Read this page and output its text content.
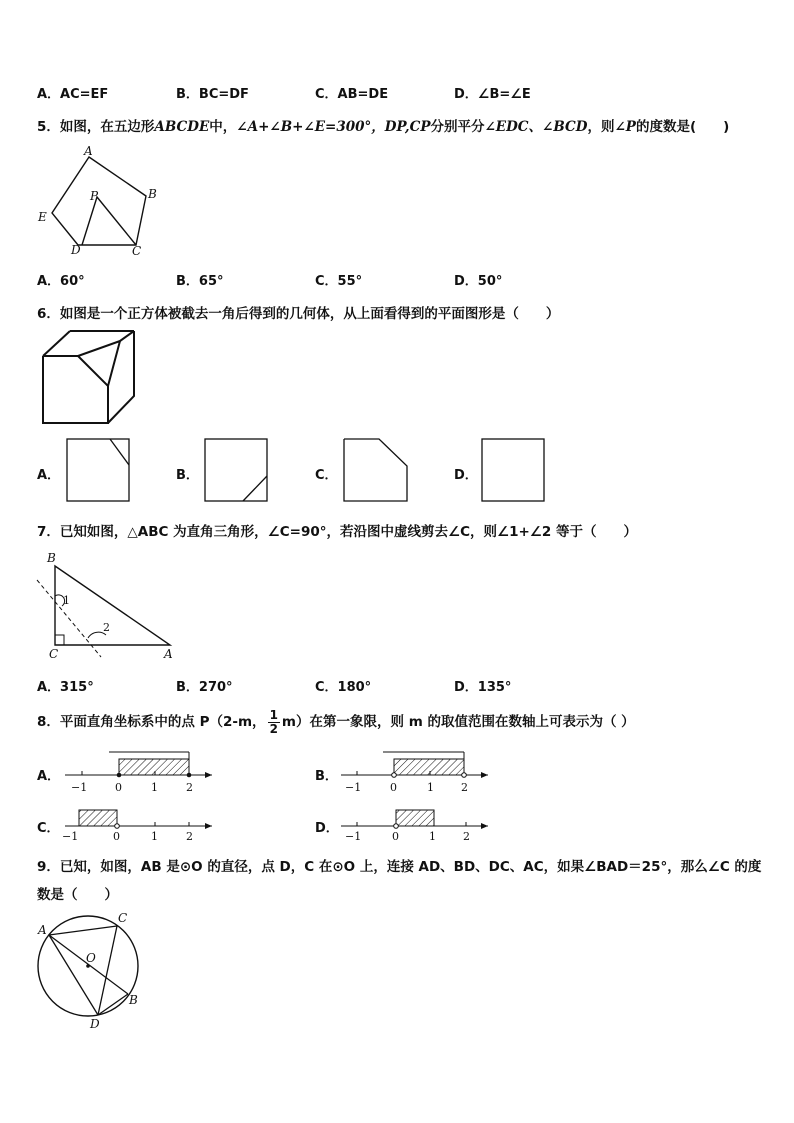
A．AC=EF	B．BC=DF	C．AB=DE	D．∠B=∠E
5．如图，在五边形ABCDE中，∠A+∠B+∠E=300°，DP,CP分别平分∠EDC、∠BCD，则∠P的度数是(　　)
A
B
C
D
E
P
A．60°	B．65°	C．55°	D．50°
6．如图是一个正方体被截去一角后得到的几何体，从上面看得到的平面图形是（　　）
A．	B．	C．	D．
7．已知如图，△ABC 为直角三角形，∠C=90°，若沿图中虚线剪去∠C，则∠1+∠2 等于（　　）
B
C	A
1
2
A．315°	B．270°	C．180°	D．135°
8．平面直角坐标系中的点 P（2-m， $\frac{1}{2} m$）在第一象限，则 m 的取值范围在数轴上可表示为（ ）
A．	B．
C．	D．
−1	0	1	2	−1	0	1 2
−1	0	1	2	−1	0	1 2
9．已知，如图，AB 是⊙O 的直径，点 D，C 在⊙O 上，连接 AD、BD、DC、AC，如果∠BAD＝25°，那么∠C 的度
数是（　　）
A
C
O
B
D
